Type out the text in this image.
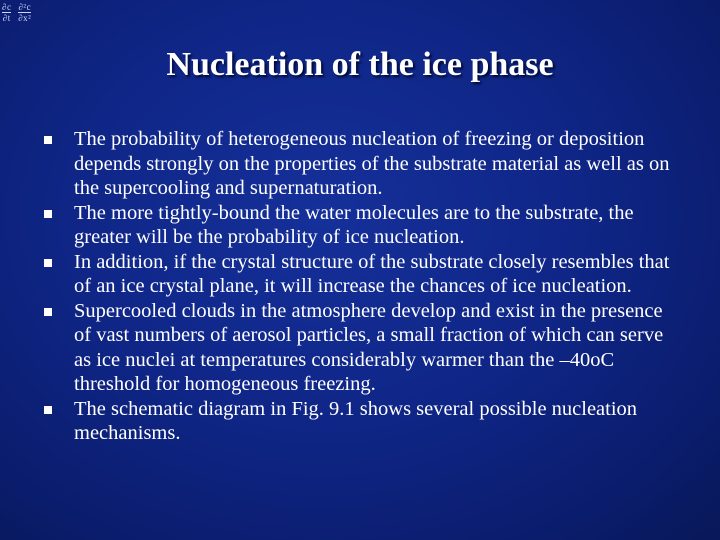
$\frac{\partial c}{\partial t}$
$\frac{\text{∂²c}}{\text{∂x²}}$
Nucleation of the ice phase
The probability of heterogeneous nucleation of freezing or deposition depends strongly on the properties of the substrate material as well as on the supercooling and supernaturation.
The more tightly-bound the water molecules are to the substrate, the greater will be the probability of ice nucleation.
In addition, if the crystal structure of the substrate closely resembles that of an ice crystal plane, it will increase the chances of ice nucleation.
Supercooled clouds in the atmosphere develop and exist in the presence of vast numbers of aerosol particles, a small fraction of which can serve as ice nuclei at temperatures considerably warmer than the –40oC threshold for homogeneous freezing.
The schematic diagram in Fig. 9.1 shows several possible nucleation mechanisms.
